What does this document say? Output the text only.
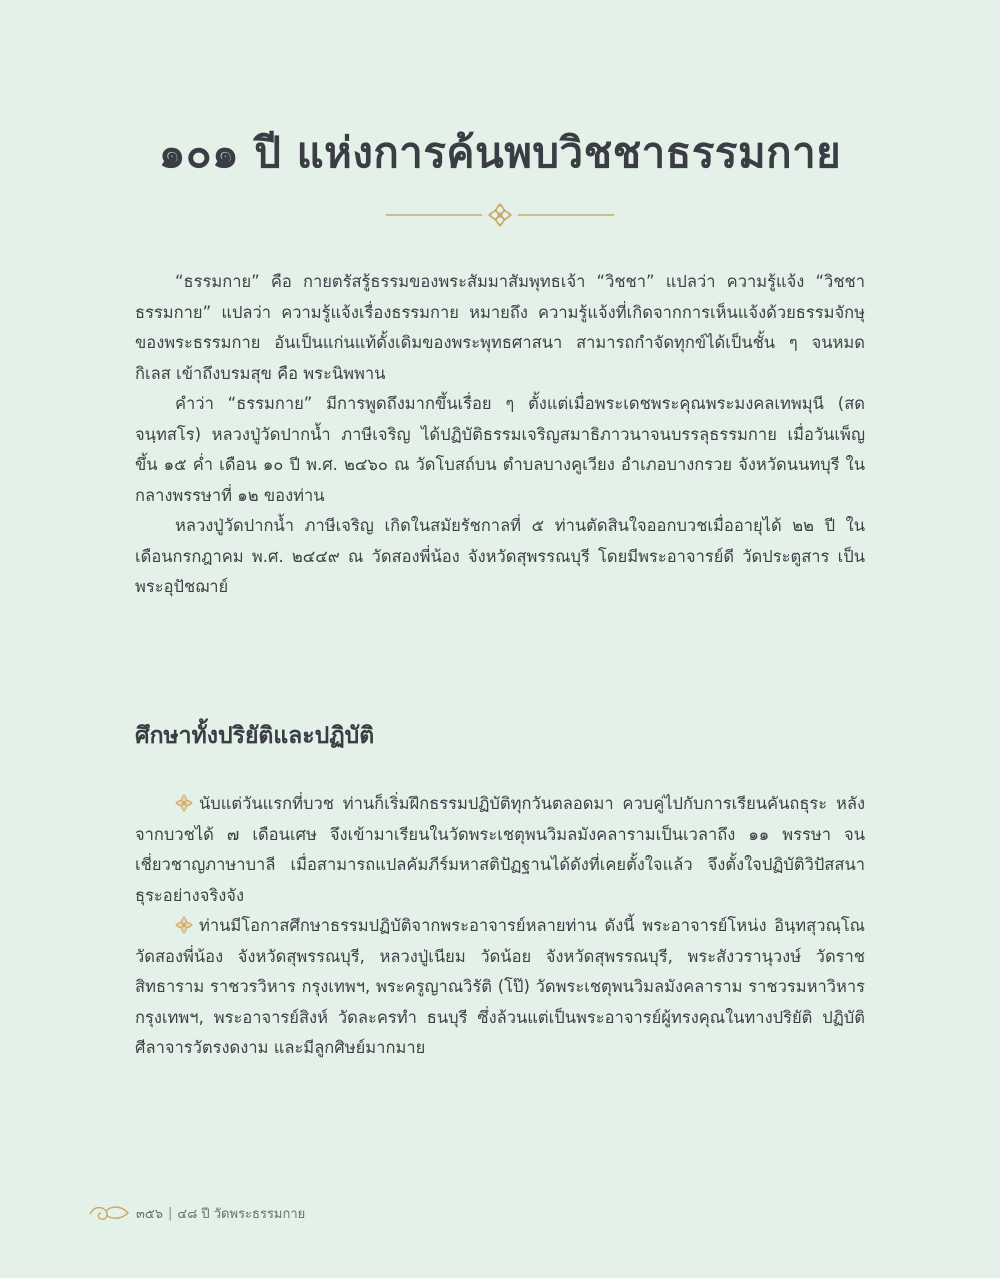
๑๐๑ ปี แห่งการค้นพบวิชชาธรรมกาย

“ธรรมกาย” คือ กายตรัสรู้ธรรมของพระสัมมาสัมพุทธเจ้า “วิชชา” แปลว่า ความรู้แจ้ง “วิชชาธรรมกาย” แปลว่า ความรู้แจ้งเรื่องธรรมกาย หมายถึง ความรู้แจ้งที่เกิดจากการเห็นแจ้งด้วยธรรมจักษุของพระธรรมกาย อันเป็นแก่นแท้ดั้งเดิมของพระพุทธศาสนา สามารถกำจัดทุกข์ได้เป็นชั้น ๆ จนหมดกิเลส เข้าถึงบรมสุข คือ พระนิพพาน

คำว่า “ธรรมกาย” มีการพูดถึงมากขึ้นเรื่อย ๆ ตั้งแต่เมื่อพระเดชพระคุณพระมงคลเทพมุนี (สด จนฺทสโร) หลวงปู่วัดปากน้ำ ภาษีเจริญ ได้ปฏิบัติธรรมเจริญสมาธิภาวนาจนบรรลุธรรมกาย เมื่อวันเพ็ญขึ้น ๑๕ ค่ำ เดือน ๑๐ ปี พ.ศ. ๒๔๖๐ ณ วัดโบสถ์บน ตำบลบางคูเวียง อำเภอบางกรวย จังหวัดนนทบุรี ในกลางพรรษาที่ ๑๒ ของท่าน

หลวงปู่วัดปากน้ำ ภาษีเจริญ เกิดในสมัยรัชกาลที่ ๕ ท่านตัดสินใจออกบวชเมื่ออายุได้ ๒๒ ปี ในเดือนกรกฎาคม พ.ศ. ๒๔๔๙ ณ วัดสองพี่น้อง จังหวัดสุพรรณบุรี โดยมีพระอาจารย์ดี วัดประตูสาร เป็นพระอุปัชฌาย์

ศึกษาทั้งปริยัติและปฏิบัติ

นับแต่วันแรกที่บวช ท่านก็เริ่มฝึกธรรมปฏิบัติทุกวันตลอดมา ควบคู่ไปกับการเรียนคันถธุระ หลังจากบวชได้ ๗ เดือนเศษ จึงเข้ามาเรียนในวัดพระเชตุพนวิมลมังคลารามเป็นเวลาถึง ๑๑ พรรษา จนเชี่ยวชาญภาษาบาลี เมื่อสามารถแปลคัมภีร์มหาสติปัฏฐานได้ดังที่เคยตั้งใจแล้ว จึงตั้งใจปฏิบัติวิปัสสนาธุระอย่างจริงจัง

ท่านมีโอกาสศึกษาธรรมปฏิบัติจากพระอาจารย์หลายท่าน ดังนี้ พระอาจารย์โหน่ง อินฺทสุวณฺโณ วัดสองพี่น้อง จังหวัดสุพรรณบุรี, หลวงปู่เนียม วัดน้อย จังหวัดสุพรรณบุรี, พระสังวรานุวงษ์ วัดราชสิทธาราม ราชวรวิหาร กรุงเทพฯ, พระครูญาณวิรัติ (โป๊) วัดพระเชตุพนวิมลมังคลาราม ราชวรมหาวิหาร กรุงเทพฯ, พระอาจารย์สิงห์ วัดละครทำ ธนบุรี ซึ่งล้วนแต่เป็นพระอาจารย์ผู้ทรงคุณในทางปริยัติ ปฏิบัติ ศีลาจารวัตรงดงาม และมีลูกศิษย์มากมาย

๓๕๖ | ๔๘ ปี วัดพระธรรมกาย
